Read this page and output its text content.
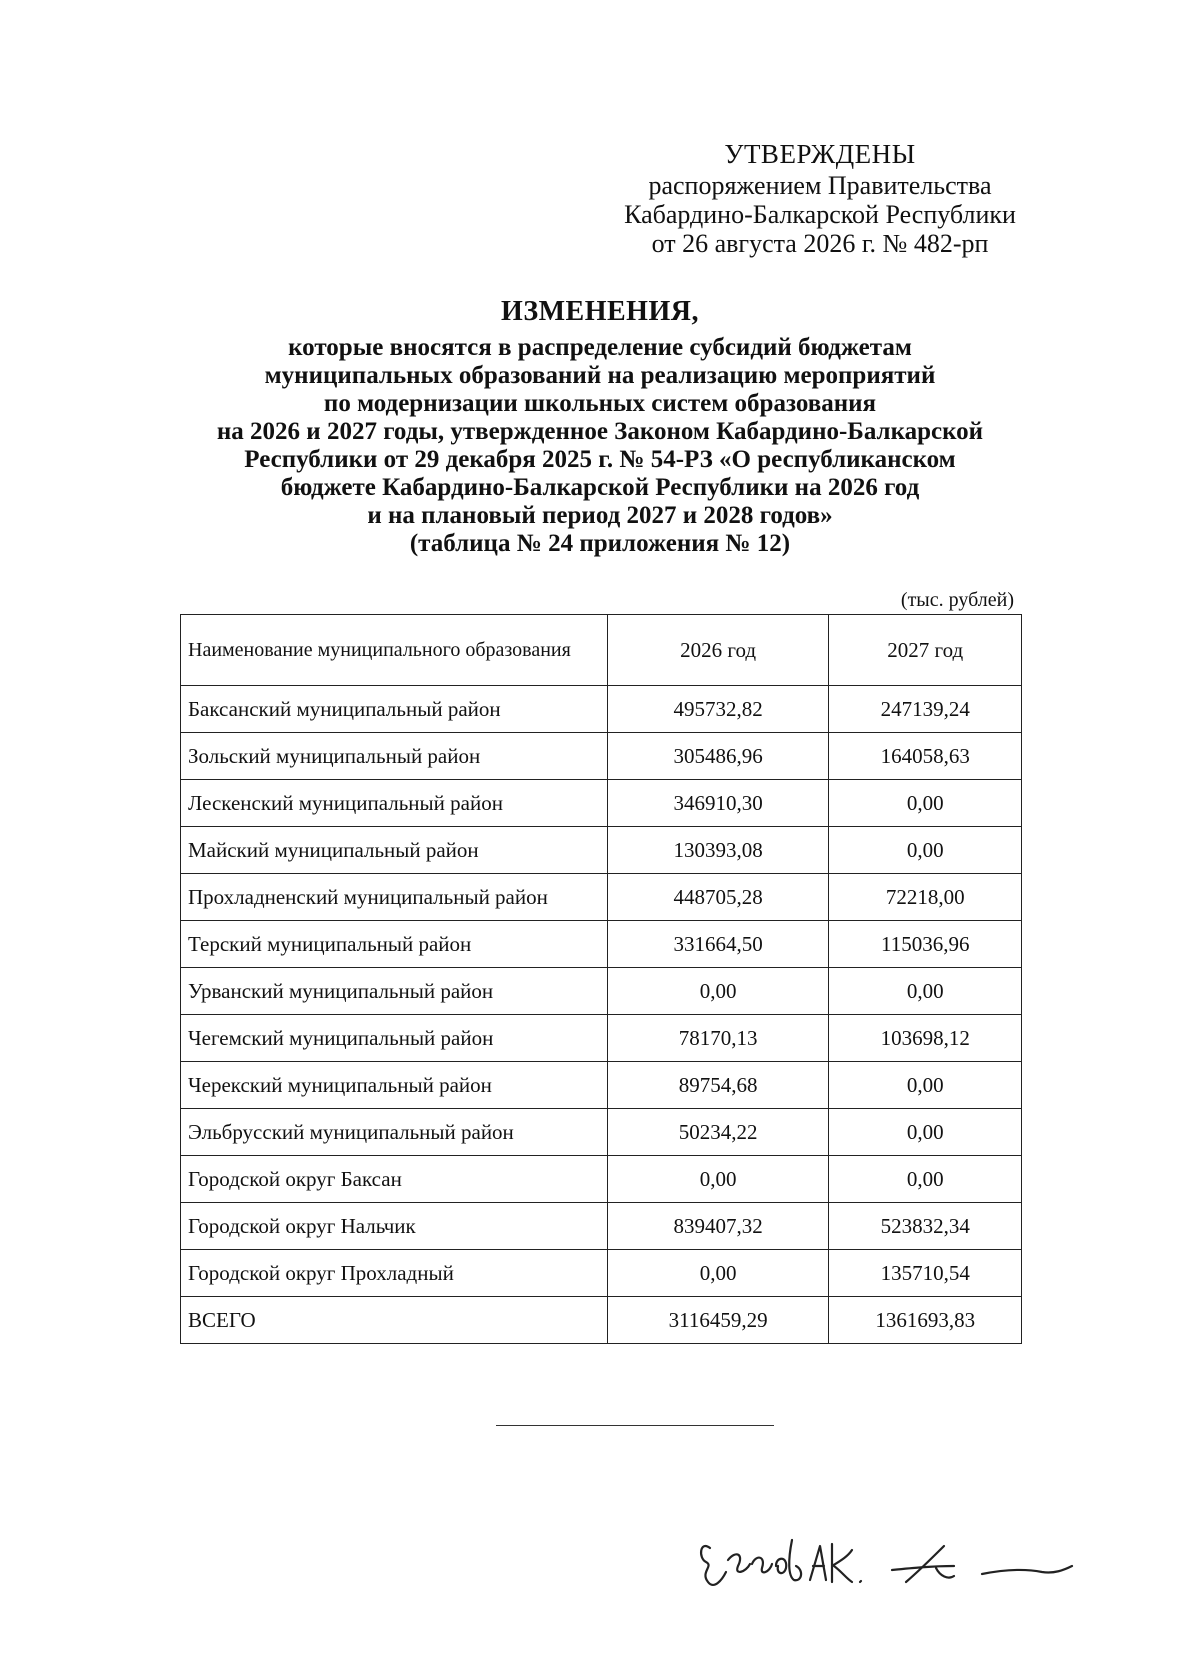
УТВЕРЖДЕНЫ
распоряжением Правительства
Кабардино-Балкарской Республики
от 26 августа 2026 г. № 482-рп
ИЗМЕНЕНИЯ,
которые вносятся в распределение субсидий бюджетам
муниципальных образований на реализацию мероприятий
по модернизации школьных систем образования
на 2026 и 2027 годы, утвержденное Законом Кабардино-Балкарской
Республики от 29 декабря 2025 г. № 54-РЗ «О республиканском
бюджете Кабардино-Балкарской Республики на 2026 год
и на плановый период 2027 и 2028 годов»
(таблица № 24 приложения № 12)
(тыс. рублей)
Наименование муниципального образования	2026 год	2027 год
Баксанский муниципальный район	495732,82	247139,24
Зольский муниципальный район	305486,96	164058,63
Лескенский муниципальный район	346910,30	0,00
Майский муниципальный район	130393,08	0,00
Прохладненский муниципальный район	448705,28	72218,00
Терский муниципальный район	331664,50	115036,96
Урванский муниципальный район	0,00	0,00
Чегемский муниципальный район	78170,13	103698,12
Черекский муниципальный район	89754,68	0,00
Эльбрусский муниципальный район	50234,22	0,00
Городской округ Баксан	0,00	0,00
Городской округ Нальчик	839407,32	523832,34
Городской округ Прохладный	0,00	135710,54
ВСЕГО	3116459,29	1361693,83
